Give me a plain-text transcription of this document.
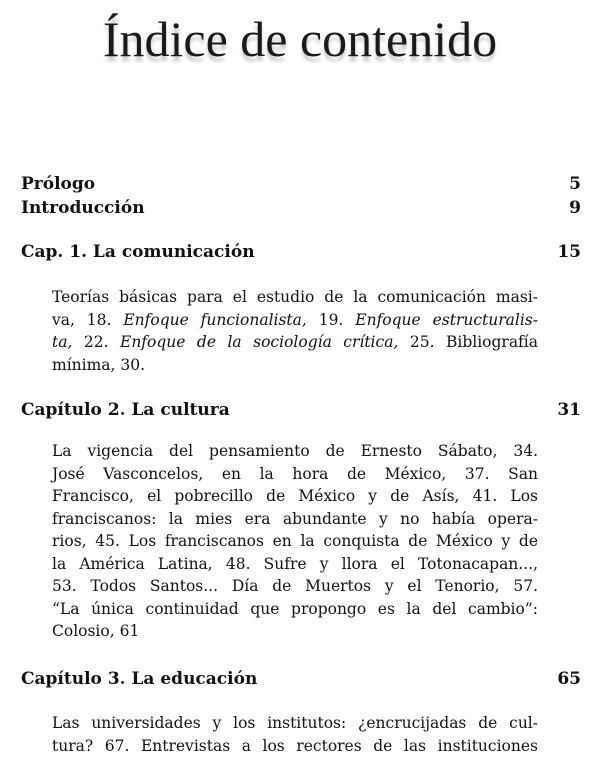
Índice de contenido
Prólogo	5
Introducción	9
Cap. 1. La comunicación	15
Teorías básicas para el estudio de la comunicación masi-
va, 18. Enfoque funcionalista, 19. Enfoque estructuralis-
ta, 22. Enfoque de la sociología crítica, 25. Bibliografía
mínima, 30.
Capítulo 2. La cultura	31
La vigencia del pensamiento de Ernesto Sábato, 34.
José Vasconcelos, en la hora de México, 37. San
Francisco, el pobrecillo de México y de Asís, 41. Los
franciscanos: la mies era abundante y no había opera-
rios, 45. Los franciscanos en la conquista de México y de
la América Latina, 48. Sufre y llora el Totonacapan...,
53. Todos Santos... Día de Muertos y el Tenorio, 57.
“La única continuidad que propongo es la del cambio”:
Colosio, 61
Capítulo 3. La educación	65
Las universidades y los institutos: ¿encrucijadas de cul-
tura? 67. Entrevistas a los rectores de las instituciones
